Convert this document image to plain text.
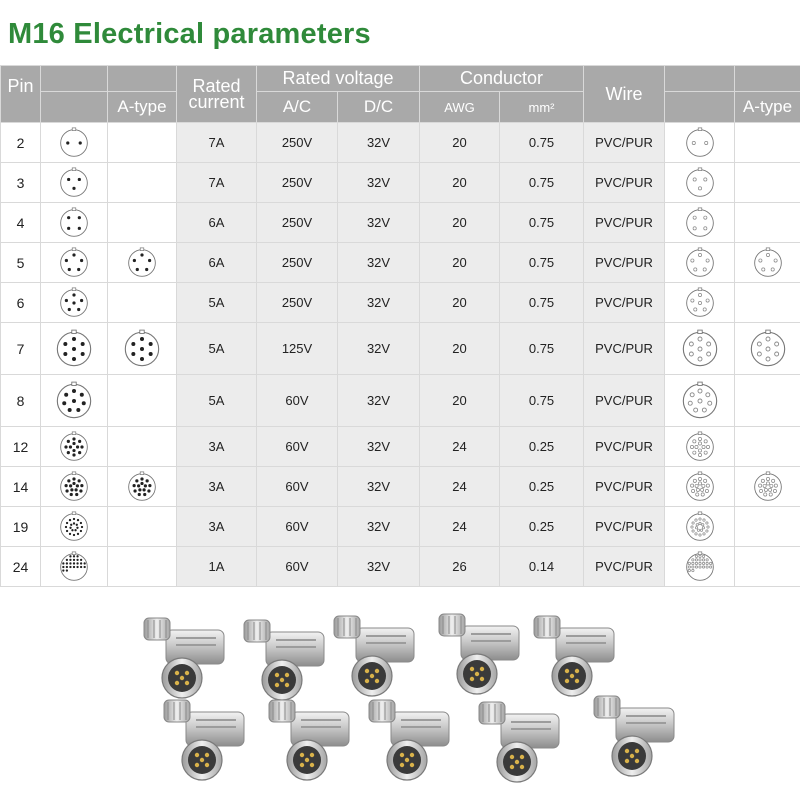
M16 Electrical parameters
Pin			Rated
current	Rated voltage		Conductor		Wire		
		A-type		A/C	D/C	AWG	mm²			A-type
2			7A	250V	32V	20	0.75	PVC/PUR	

3			7A	250V	32V	20	0.75	PVC/PUR	

4			6A	250V	32V	20	0.75	PVC/PUR	

5			6A	250V	32V	20	0.75	PVC/PUR	

6			5A	250V	32V	20	0.75	PVC/PUR	

7			5A	125V	32V	20	0.75	PVC/PUR	

8			5A	60V	32V	20	0.75	PVC/PUR	

12			3A	60V	32V	24	0.25	PVC/PUR	

14			3A	60V	32V	24	0.25	PVC/PUR	

19			3A	60V	32V	24	0.25	PVC/PUR	

24			1A	60V	32V	26	0.14	PVC/PUR	
